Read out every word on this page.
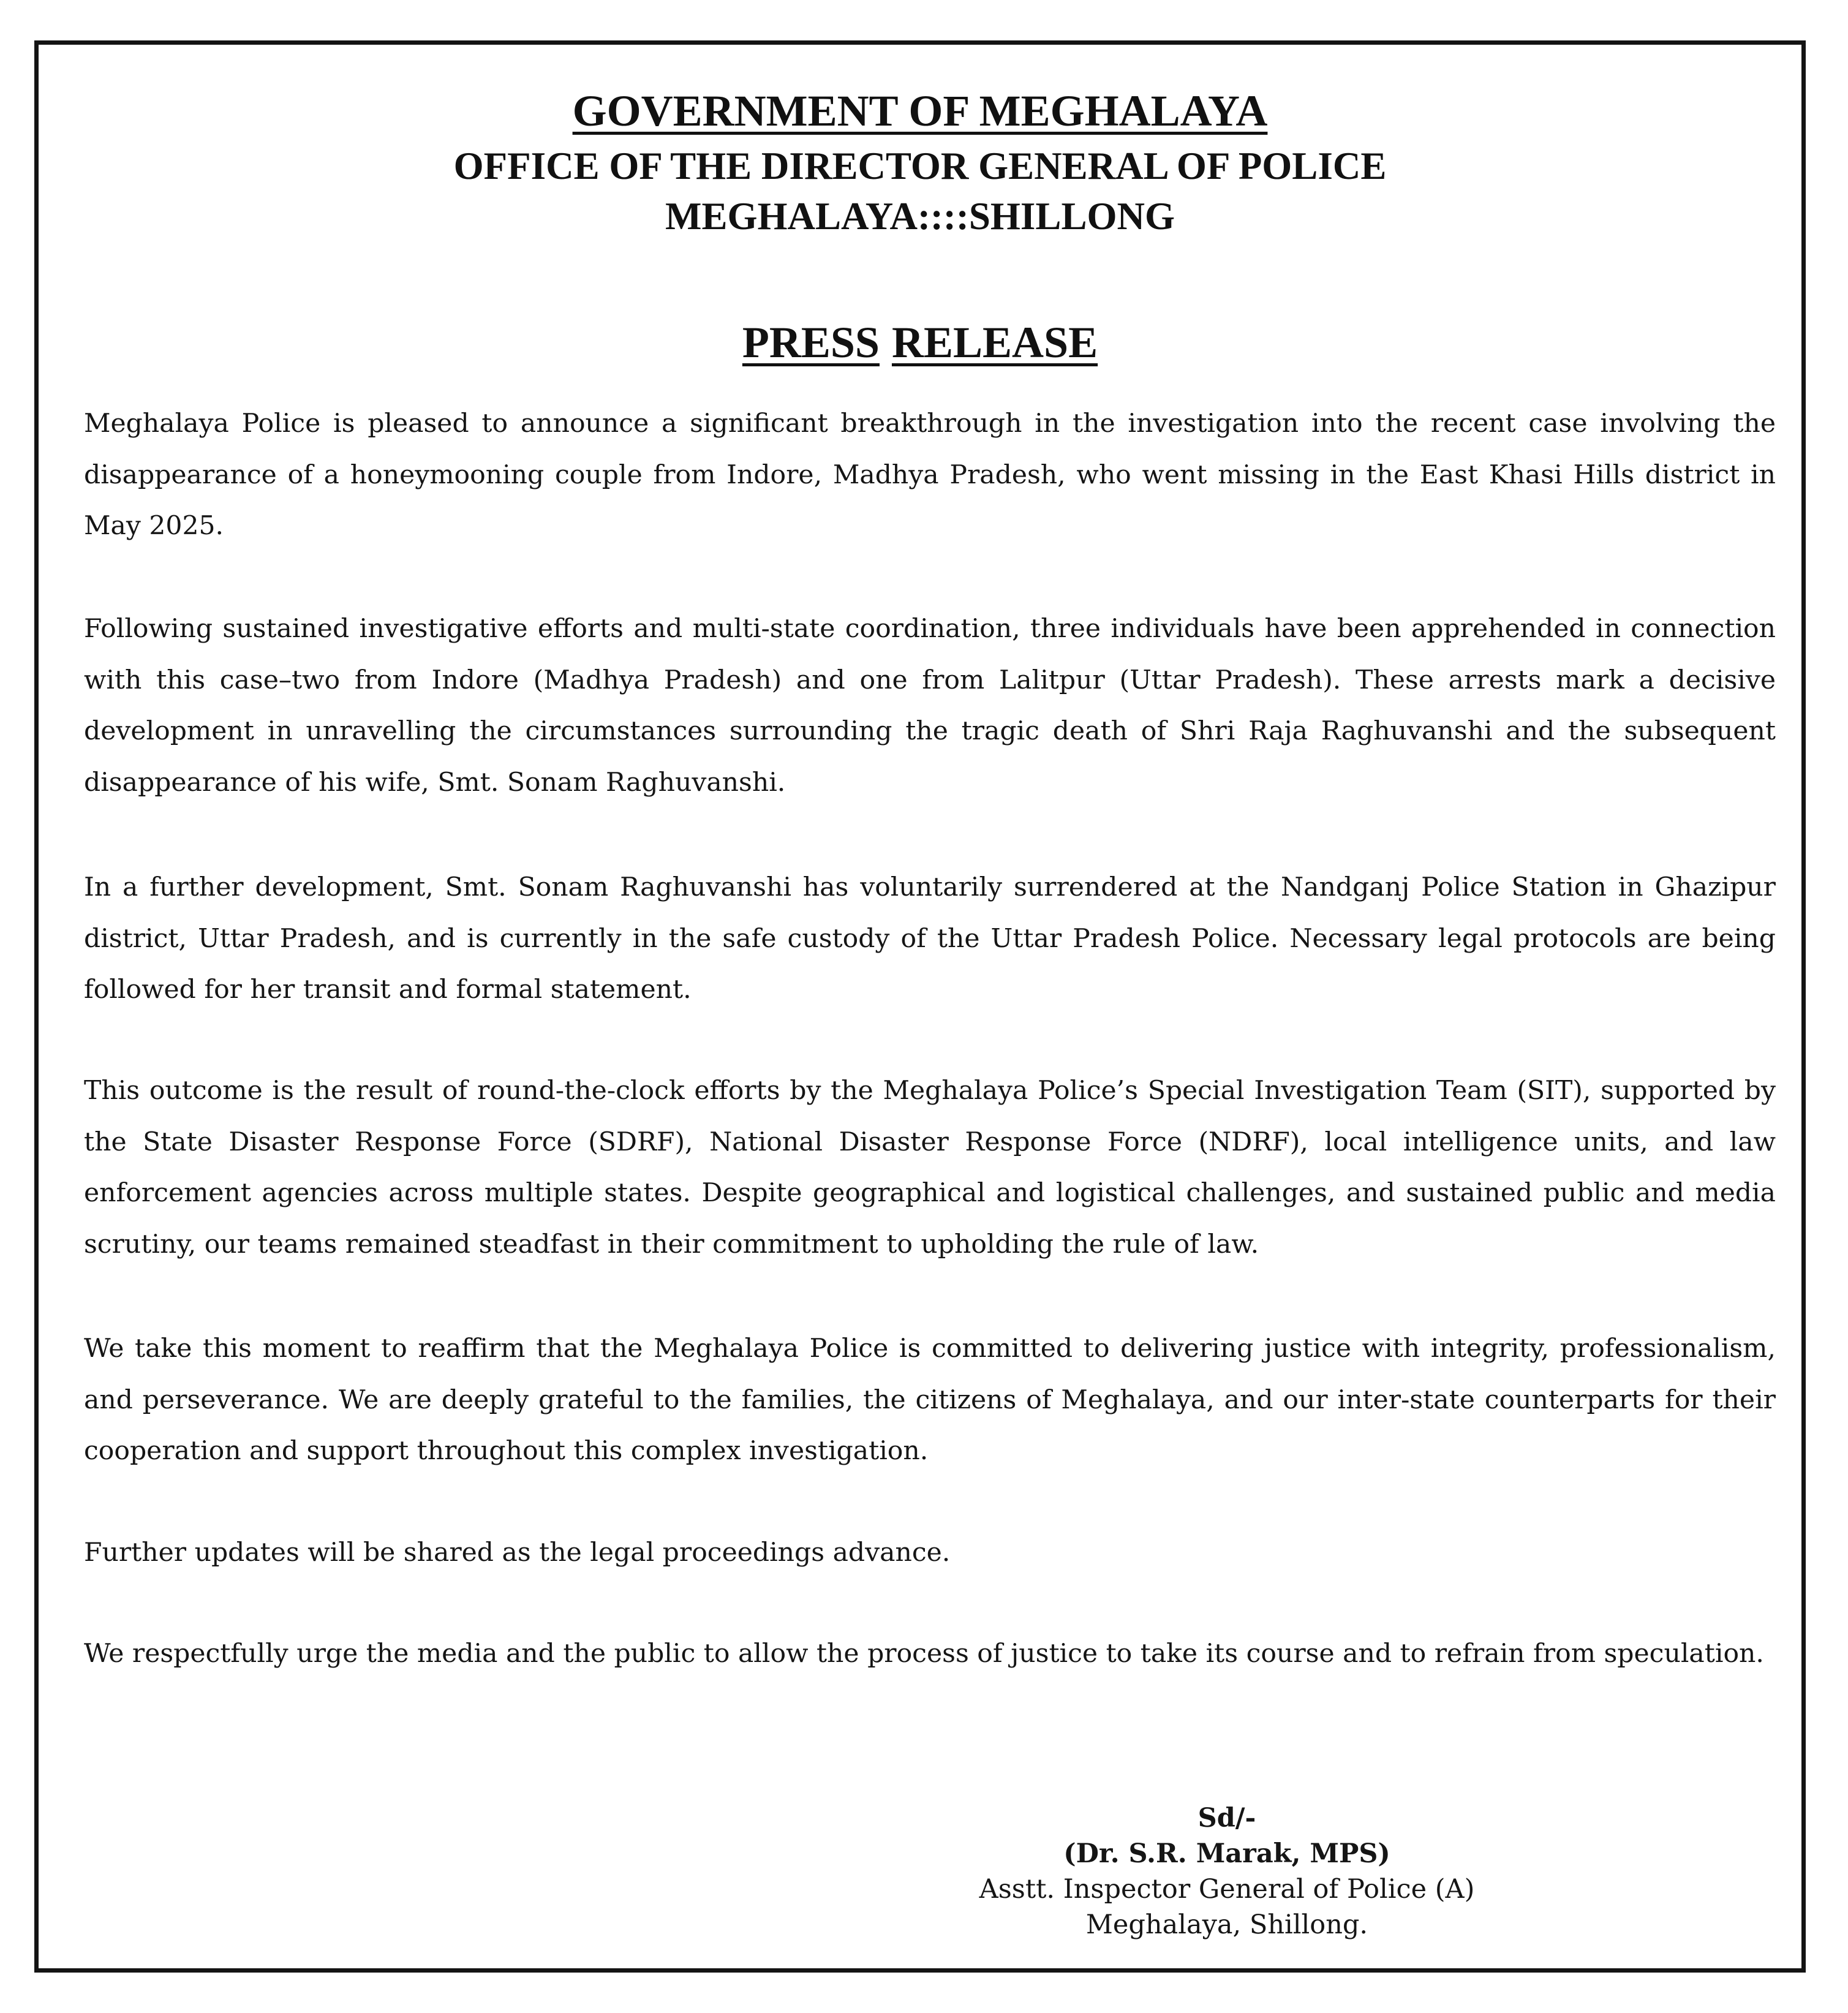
GOVERNMENT OF MEGHALAYA
OFFICE OF THE DIRECTOR GENERAL OF POLICE
MEGHALAYA::::SHILLONG
PRESS RELEASE

Meghalaya Police is pleased to announce a significant breakthrough in the investigation into the recent case involving the disappearance of a honeymooning couple from Indore, Madhya Pradesh, who went missing in the East Khasi Hills district in May 2025.

Following sustained investigative efforts and multi-state coordination, three individuals have been apprehended in connection with this case–two from Indore (Madhya Pradesh) and one from Lalitpur (Uttar Pradesh). These arrests mark a decisive development in unravelling the circumstances surrounding the tragic death of Shri Raja Raghuvanshi and the subsequent disappearance of his wife, Smt. Sonam Raghuvanshi.

In a further development, Smt. Sonam Raghuvanshi has voluntarily surrendered at the Nandganj Police Station in Ghazipur district, Uttar Pradesh, and is currently in the safe custody of the Uttar Pradesh Police. Necessary legal protocols are being followed for her transit and formal statement.

This outcome is the result of round-the-clock efforts by the Meghalaya Police’s Special Investigation Team (SIT), supported by the State Disaster Response Force (SDRF), National Disaster Response Force (NDRF), local intelligence units, and law enforcement agencies across multiple states. Despite geographical and logistical challenges, and sustained public and media scrutiny, our teams remained steadfast in their commitment to upholding the rule of law.

We take this moment to reaffirm that the Meghalaya Police is committed to delivering justice with integrity, professionalism, and perseverance. We are deeply grateful to the families, the citizens of Meghalaya, and our inter-state counterparts for their cooperation and support throughout this complex investigation.

Further updates will be shared as the legal proceedings advance.

We respectfully urge the media and the public to allow the process of justice to take its course and to refrain from speculation.

Sd/-
(Dr. S.R. Marak, MPS)
Asstt. Inspector General of Police (A)
Meghalaya, Shillong.
